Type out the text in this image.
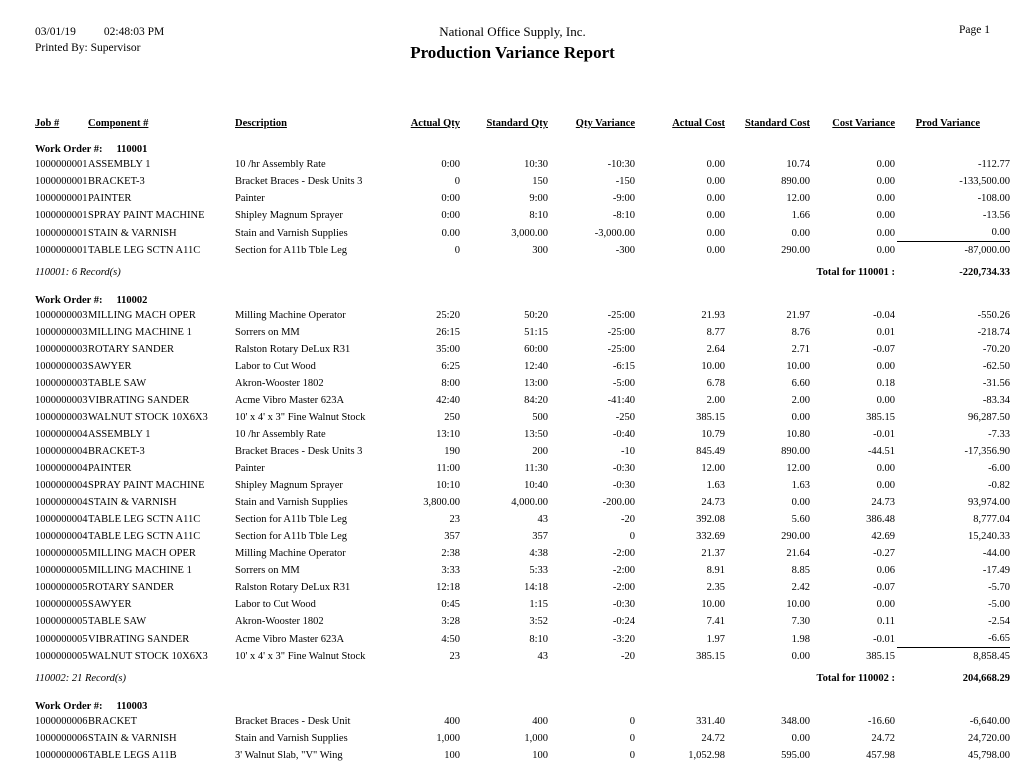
03/01/19 02:48:03 PM
Printed By: Supervisor
National Office Supply, Inc.
Production Variance Report
Page 1
Job #	Component #	Description	Actual Qty	Standard Qty	Qty Variance	Actual Cost	Standard Cost	Cost Variance	Prod Variance
Work Order #: 110001									
1000000001	ASSEMBLY 1	10 /hr Assembly Rate	0:00	10:30	-10:30	0.00	10.74	0.00	-112.77
1000000001	BRACKET-3	Bracket Braces - Desk Units 3	0	150	-150	0.00	890.00	0.00	-133,500.00
1000000001	PAINTER	Painter	0:00	9:00	-9:00	0.00	12.00	0.00	-108.00
1000000001	SPRAY PAINT MACHINE	Shipley Magnum Sprayer	0:00	8:10	-8:10	0.00	1.66	0.00	-13.56
1000000001	STAIN & VARNISH	Stain and Varnish Supplies	0.00	3,000.00	-3,000.00	0.00	0.00	0.00	0.00
1000000001	TABLE LEG SCTN A11C	Section for A11b Tble Leg	0	300	-300	0.00	290.00	0.00	-87,000.00
110001: 6 Record(s)			Total for 110001 :						-220,734.33
Work Order #: 110002									
1000000003	MILLING MACH OPER	Milling Machine Operator	25:20	50:20	-25:00	21.93	21.97	-0.04	-550.26
1000000003	MILLING MACHINE 1	Sorrers on MM	26:15	51:15	-25:00	8.77	8.76	0.01	-218.74
1000000003	ROTARY SANDER	Ralston Rotary DeLux R31	35:00	60:00	-25:00	2.64	2.71	-0.07	-70.20
1000000003	SAWYER	Labor to Cut Wood	6:25	12:40	-6:15	10.00	10.00	0.00	-62.50
1000000003	TABLE SAW	Akron-Wooster 1802	8:00	13:00	-5:00	6.78	6.60	0.18	-31.56
1000000003	VIBRATING SANDER	Acme Vibro Master 623A	42:40	84:20	-41:40	2.00	2.00	0.00	-83.34
1000000003	WALNUT STOCK 10X6X3	10' x 4' x 3" Fine Walnut Stock	250	500	-250	385.15	0.00	385.15	96,287.50
1000000004	ASSEMBLY 1	10 /hr Assembly Rate	13:10	13:50	-0:40	10.79	10.80	-0.01	-7.33
1000000004	BRACKET-3	Bracket Braces - Desk Units 3	190	200	-10	845.49	890.00	-44.51	-17,356.90
1000000004	PAINTER	Painter	11:00	11:30	-0:30	12.00	12.00	0.00	-6.00
1000000004	SPRAY PAINT MACHINE	Shipley Magnum Sprayer	10:10	10:40	-0:30	1.63	1.63	0.00	-0.82
1000000004	STAIN & VARNISH	Stain and Varnish Supplies	3,800.00	4,000.00	-200.00	24.73	0.00	24.73	93,974.00
1000000004	TABLE LEG SCTN A11C	Section for A11b Tble Leg	23	43	-20	392.08	5.60	386.48	8,777.04
1000000004	TABLE LEG SCTN A11C	Section for A11b Tble Leg	357	357	0	332.69	290.00	42.69	15,240.33
1000000005	MILLING MACH OPER	Milling Machine Operator	2:38	4:38	-2:00	21.37	21.64	-0.27	-44.00
1000000005	MILLING MACHINE 1	Sorrers on MM	3:33	5:33	-2:00	8.91	8.85	0.06	-17.49
1000000005	ROTARY SANDER	Ralston Rotary DeLux R31	12:18	14:18	-2:00	2.35	2.42	-0.07	-5.70
1000000005	SAWYER	Labor to Cut Wood	0:45	1:15	-0:30	10.00	10.00	0.00	-5.00
1000000005	TABLE SAW	Akron-Wooster 1802	3:28	3:52	-0:24	7.41	7.30	0.11	-2.54
1000000005	VIBRATING SANDER	Acme Vibro Master 623A	4:50	8:10	-3:20	1.97	1.98	-0.01	-6.65
1000000005	WALNUT STOCK 10X6X3	10' x 4' x 3" Fine Walnut Stock	23	43	-20	385.15	0.00	385.15	8,858.45
110002: 21 Record(s)			Total for 110002 :						204,668.29
Work Order #: 110003									
1000000006	BRACKET	Bracket Braces - Desk Unit	400	400	0	331.40	348.00	-16.60	-6,640.00
1000000006	STAIN & VARNISH	Stain and Varnish Supplies	1,000	1,000	0	24.72	0.00	24.72	24,720.00
1000000006	TABLE LEGS A11B	3' Walnut Slab, "V" Wing	100	100	0	1,052.98	595.00	457.98	45,798.00
